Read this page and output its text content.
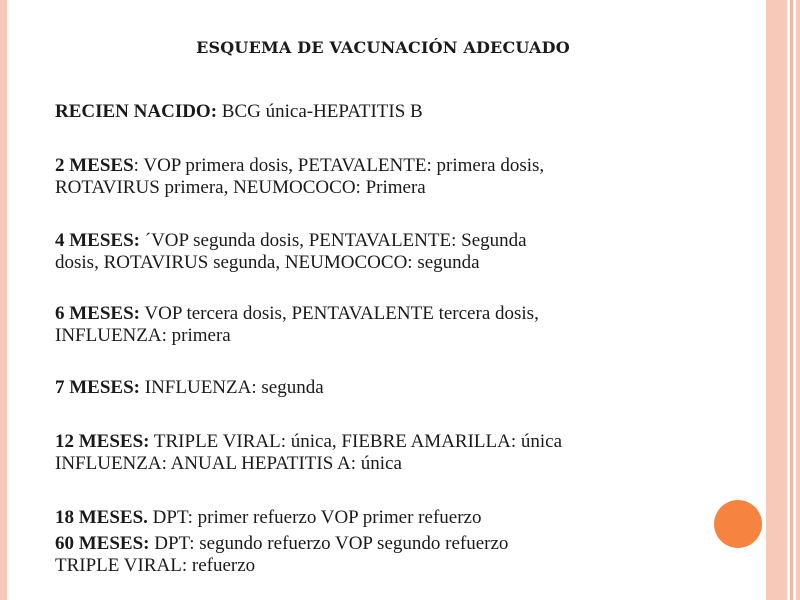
ESQUEMA DE VACUNACIÓN ADECUADO
RECIEN NACIDO: BCG única-HEPATITIS B
2 MESES: VOP primera dosis, PETAVALENTE: primera dosis,
ROTAVIRUS primera, NEUMOCOCO: Primera
4 MESES: ´VOP segunda dosis, PENTAVALENTE: Segunda
dosis, ROTAVIRUS segunda, NEUMOCOCO: segunda
6 MESES: VOP tercera dosis, PENTAVALENTE tercera dosis,
INFLUENZA: primera
7 MESES: INFLUENZA: segunda
12 MESES: TRIPLE VIRAL: única, FIEBRE AMARILLA: única
INFLUENZA: ANUAL HEPATITIS A: única
18 MESES. DPT: primer refuerzo VOP primer refuerzo
60 MESES: DPT: segundo refuerzo VOP segundo refuerzo
TRIPLE VIRAL: refuerzo
